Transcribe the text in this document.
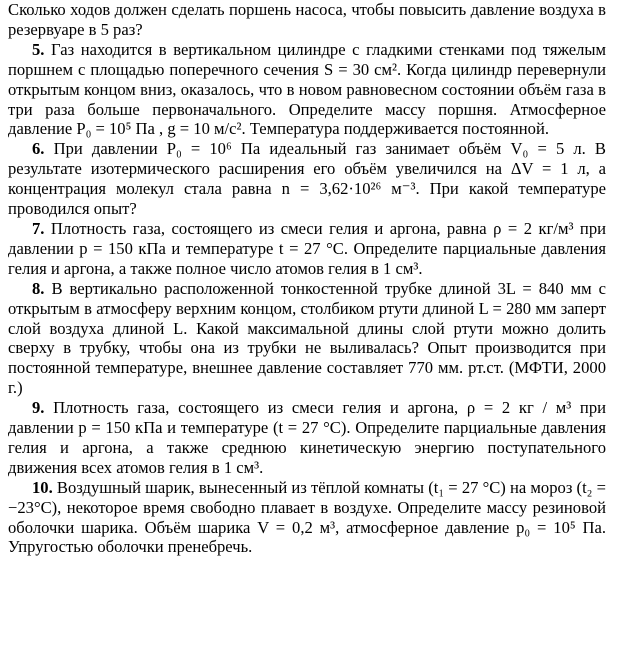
Сколько ходов должен сделать поршень насоса, чтобы повысить давление воздуха в резервуаре в 5 раз?

5. Газ находится в вертикальном цилиндре с гладкими стенками под тяжелым поршнем с площадью поперечного сечения S = 30 см². Когда цилиндр перевернули открытым концом вниз, оказалось, что в новом равновесном состоянии объём газа в три раза больше первоначального. Определите массу поршня. Атмосферное давление P₀ = 10⁵ Па , g = 10 м/с². Температура поддерживается постоянной.

6. При давлении P₀ = 10⁶ Па идеальный газ занимает объём V₀ = 5 л. В результате изотермического расширения его объём увеличился на ΔV = 1 л, а концентрация молекул стала равна n = 3,62·10²⁶ м⁻³. При какой температуре проводился опыт?

7. Плотность газа, состоящего из смеси гелия и аргона, равна ρ = 2 кг/м³ при давлении p = 150 кПа и температуре t = 27 °C. Определите парциальные давления гелия и аргона, а также полное число атомов гелия в 1 см³.

8. В вертикально расположенной тонкостенной трубке длиной 3L = 840 мм с открытым в атмосферу верхним концом, столбиком ртути длиной L = 280 мм заперт слой воздуха длиной L. Какой максимальной длины слой ртути можно долить сверху в трубку, чтобы она из трубки не выливалась? Опыт производится при постоянной температуре, внешнее давление составляет 770 мм. рт.ст. (МФТИ, 2000 г.)

9. Плотность газа, состоящего из смеси гелия и аргона, ρ = 2 кг / м³ при давлении p = 150 кПа и температуре (t = 27 °C). Определите парциальные давления гелия и аргона, а также среднюю кинетическую энергию поступательного движения всех атомов гелия в 1 см³.

10. Воздушный шарик, вынесенный из тёплой комнаты (t₁ = 27 °C) на мороз (t₂ = −23°C), некоторое время свободно плавает в воздухе. Определите массу резиновой оболочки шарика. Объём шарика V = 0,2 м³, атмосферное давление p₀ = 10⁵ Па. Упругостью оболочки пренебречь.
